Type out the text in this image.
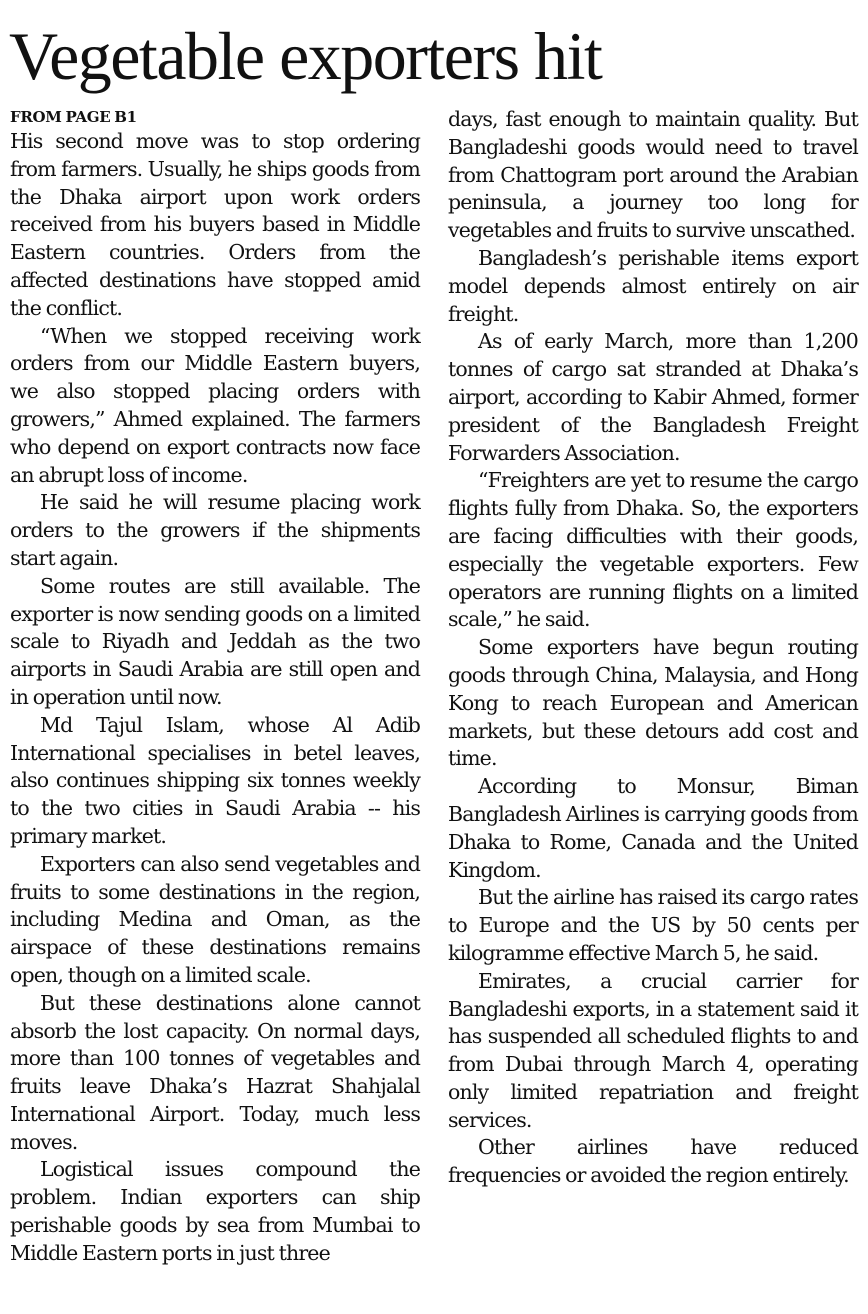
Vegetable exporters hit
FROM PAGE B1

His second move was to stop ordering from farmers. Usually, he ships goods from the Dhaka airport upon work orders received from his buyers based in Middle Eastern countries. Orders from the affected destinations have stopped amid the conflict.

“When we stopped receiving work orders from our Middle Eastern buyers, we also stopped placing orders with growers,” Ahmed explained. The farmers who depend on export contracts now face an abrupt loss of income.

He said he will resume placing work orders to the growers if the shipments start again.

Some routes are still available. The exporter is now sending goods on a limited scale to Riyadh and Jeddah as the two airports in Saudi Arabia are still open and in operation until now.

Md Tajul Islam, whose Al Adib International specialises in betel leaves, also continues shipping six tonnes weekly to the two cities in Saudi Arabia -- his primary market.

Exporters can also send vegetables and fruits to some destinations in the region, including Medina and Oman, as the airspace of these destinations remains open, though on a limited scale.

But these destinations alone cannot absorb the lost capacity. On normal days, more than 100 tonnes of vegetables and fruits leave Dhaka’s Hazrat Shahjalal International Airport. Today, much less moves.

Logistical issues compound the problem. Indian exporters can ship perishable goods by sea from Mumbai to Middle Eastern ports in just three

days, fast enough to maintain quality. But Bangladeshi goods would need to travel from Chattogram port around the Arabian peninsula, a journey too long for vegetables and fruits to survive unscathed.

Bangladesh’s perishable items export model depends almost entirely on air freight.

As of early March, more than 1,200 tonnes of cargo sat stranded at Dhaka’s airport, according to Kabir Ahmed, former president of the Bangladesh Freight Forwarders Association.

“Freighters are yet to resume the cargo flights fully from Dhaka. So, the exporters are facing difficulties with their goods, especially the vegetable exporters. Few operators are running flights on a limited scale,” he said.

Some exporters have begun routing goods through China, Malaysia, and Hong Kong to reach European and American markets, but these detours add cost and time.

According to Monsur, Biman Bangladesh Airlines is carrying goods from Dhaka to Rome, Canada and the United Kingdom.

But the airline has raised its cargo rates to Europe and the US by 50 cents per kilogramme effective March 5, he said.

Emirates, a crucial carrier for Bangladeshi exports, in a statement said it has suspended all scheduled flights to and from Dubai through March 4, operating only limited repatriation and freight services.

Other airlines have reduced frequencies or avoided the region entirely.
